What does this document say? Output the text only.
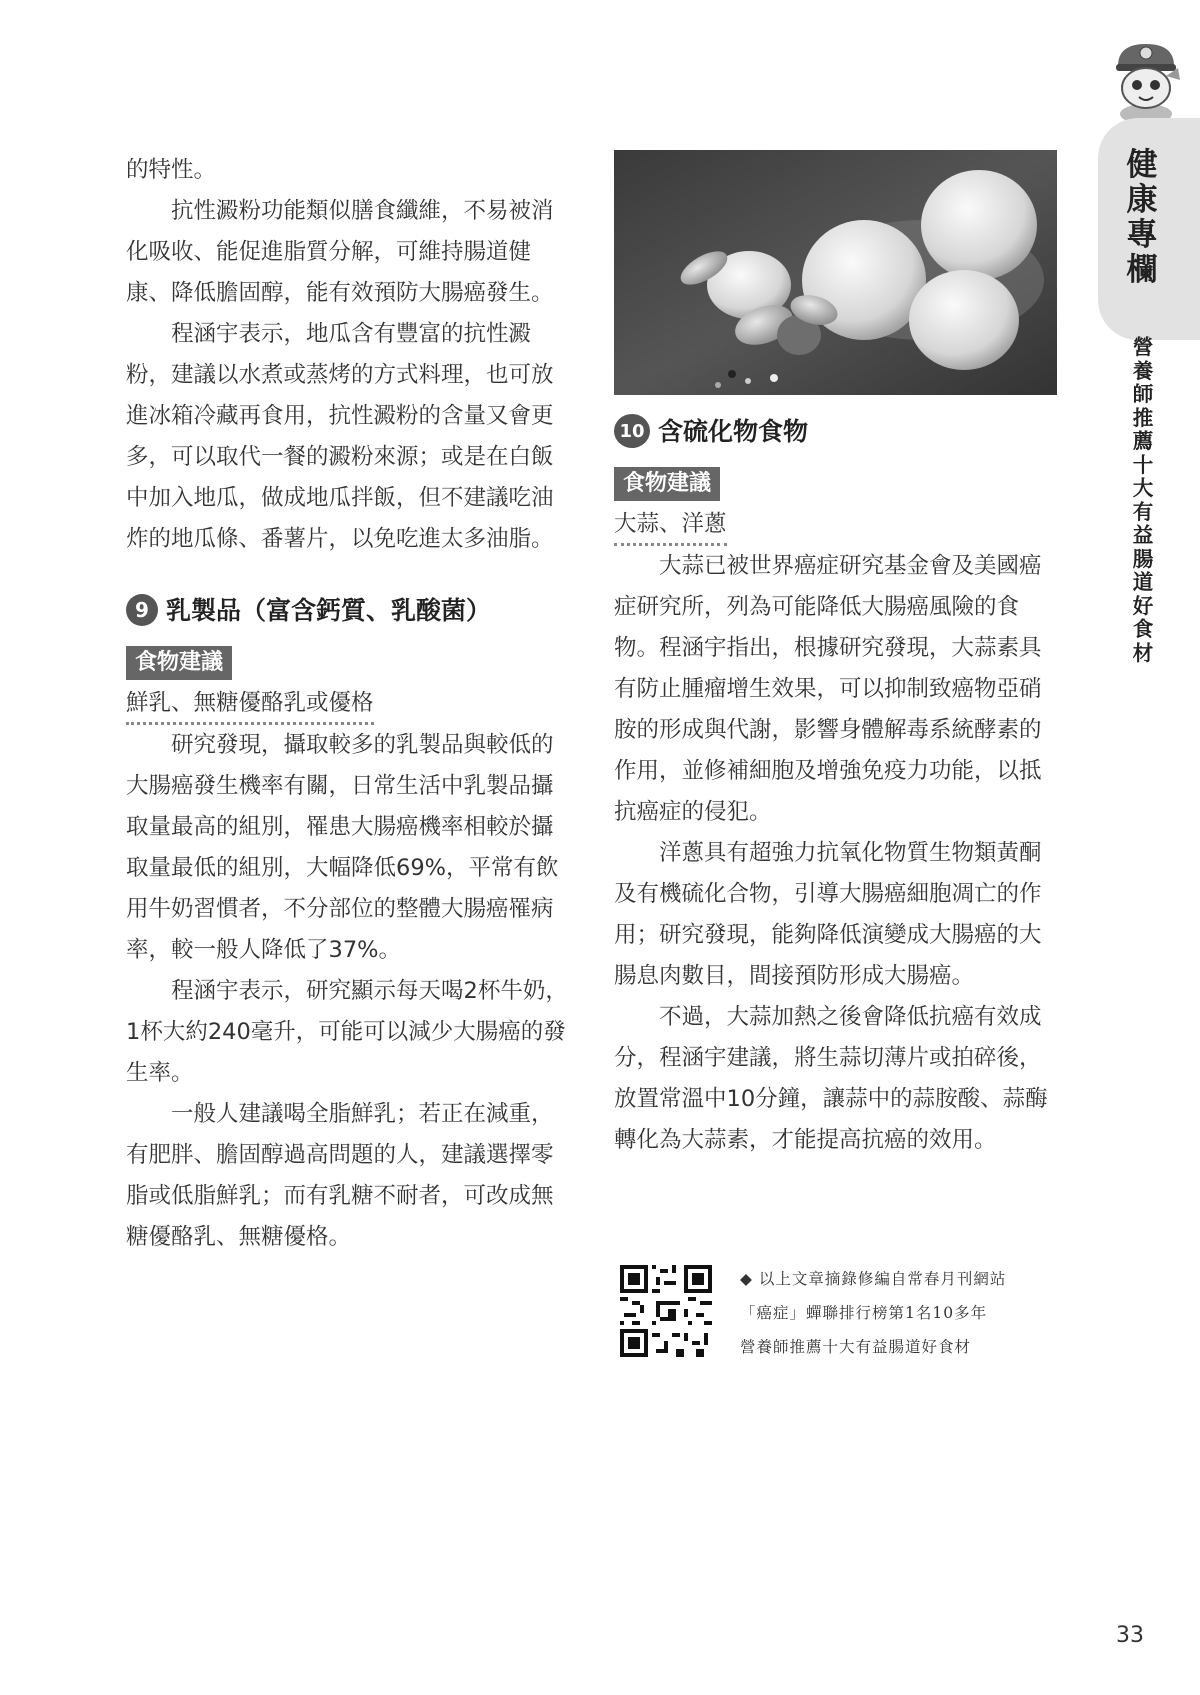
健
康
專
欄
營
養
師
推
薦
十
大
有
益
腸
道
好
食
材

的特性。

抗性澱粉功能類似膳食纖維，不易被消化吸收、能促進脂質分解，可維持腸道健康、降低膽固醇，能有效預防大腸癌發生。

程涵宇表示，地瓜含有豐富的抗性澱粉，建議以水煮或蒸烤的方式料理，也可放進冰箱冷藏再食用，抗性澱粉的含量又會更多，可以取代一餐的澱粉來源；或是在白飯中加入地瓜，做成地瓜拌飯，但不建議吃油炸的地瓜條、番薯片，以免吃進太多油脂。

9 乳製品（富含鈣質、乳酸菌）
食物建議
鮮乳、無糖優酪乳或優格

研究發現，攝取較多的乳製品與較低的大腸癌發生機率有關，日常生活中乳製品攝取量最高的組別，罹患大腸癌機率相較於攝取量最低的組別，大幅降低69%，平常有飲用牛奶習慣者，不分部位的整體大腸癌罹病率，較一般人降低了37%。

程涵宇表示，研究顯示每天喝2杯牛奶，1杯大約240毫升，可能可以減少大腸癌的發生率。

一般人建議喝全脂鮮乳；若正在減重，有肥胖、膽固醇過高問題的人，建議選擇零脂或低脂鮮乳；而有乳糖不耐者，可改成無糖優酪乳、無糖優格。

10 含硫化物食物
食物建議
大蒜、洋蔥

大蒜已被世界癌症研究基金會及美國癌症研究所，列為可能降低大腸癌風險的食物。程涵宇指出，根據研究發現，大蒜素具有防止腫瘤增生效果，可以抑制致癌物亞硝胺的形成與代謝，影響身體解毒系統酵素的作用，並修補細胞及增強免疫力功能，以抵抗癌症的侵犯。

洋蔥具有超強力抗氧化物質生物類黃酮及有機硫化合物，引導大腸癌細胞凋亡的作用；研究發現，能夠降低演變成大腸癌的大腸息肉數目，間接預防形成大腸癌。

不過，大蒜加熱之後會降低抗癌有效成分，程涵宇建議，將生蒜切薄片或拍碎後，放置常溫中10分鐘，讓蒜中的蒜胺酸、蒜酶轉化為大蒜素，才能提高抗癌的效用。

◆ 以上文章摘錄修編自常春月刊網站
「癌症」蟬聯排行榜第1名10多年
營養師推薦十大有益腸道好食材
33
